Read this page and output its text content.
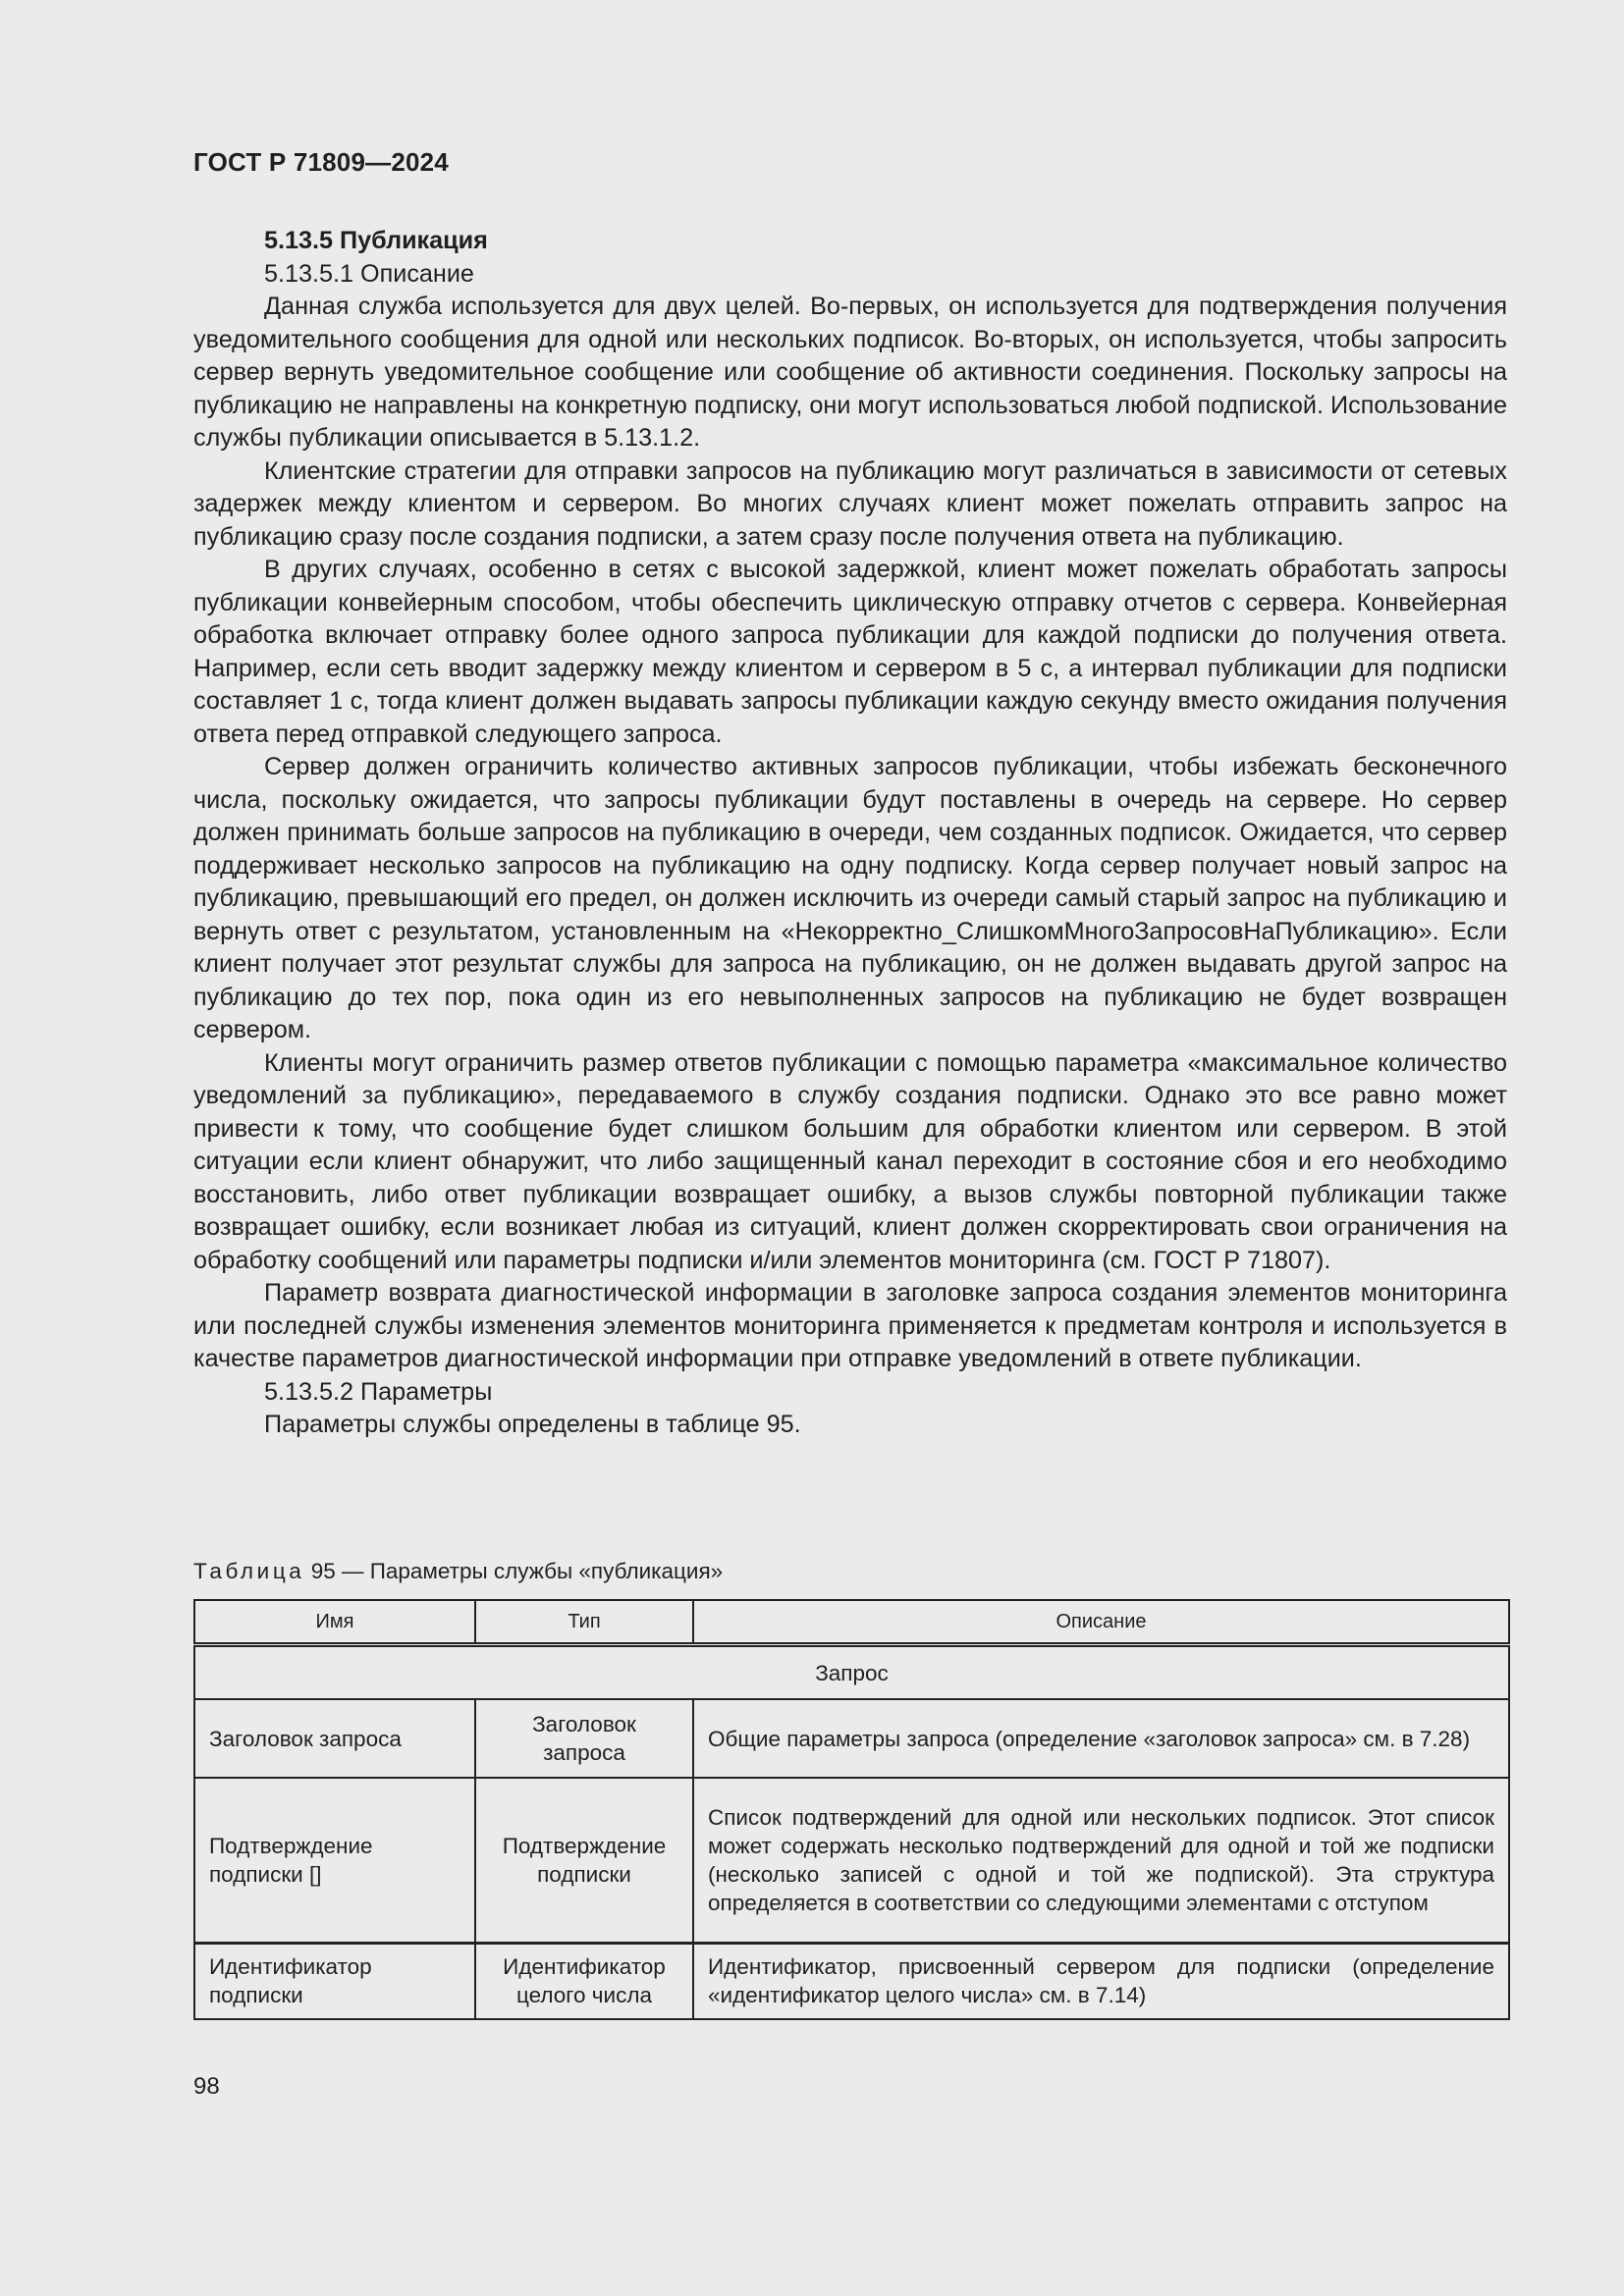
ГОСТ Р 71809—2024

5.13.5 Публикация

5.13.5.1 Описание

Данная служба используется для двух целей. Во-первых, он используется для подтверждения получения уведомительного сообщения для одной или нескольких подписок. Во-вторых, он используется, чтобы запросить сервер вернуть уведомительное сообщение или сообщение об активности соединения. Поскольку запросы на публикацию не направлены на конкретную подписку, они могут использоваться любой подпиской. Использование службы публикации описывается в 5.13.1.2.

Клиентские стратегии для отправки запросов на публикацию могут различаться в зависимости от сетевых задержек между клиентом и сервером. Во многих случаях клиент может пожелать отправить запрос на публикацию сразу после создания подписки, а затем сразу после получения ответа на публикацию.

В других случаях, особенно в сетях с высокой задержкой, клиент может пожелать обработать запросы публикации конвейерным способом, чтобы обеспечить циклическую отправку отчетов с сервера. Конвейерная обработка включает отправку более одного запроса публикации для каждой подписки до получения ответа. Например, если сеть вводит задержку между клиентом и сервером в 5 с, а интервал публикации для подписки составляет 1 с, тогда клиент должен выдавать запросы публикации каждую секунду вместо ожидания получения ответа перед отправкой следующего запроса.

Сервер должен ограничить количество активных запросов публикации, чтобы избежать бесконечного числа, поскольку ожидается, что запросы публикации будут поставлены в очередь на сервере. Но сервер должен принимать больше запросов на публикацию в очереди, чем созданных подписок. Ожидается, что сервер поддерживает несколько запросов на публикацию на одну подписку. Когда сервер получает новый запрос на публикацию, превышающий его предел, он должен исключить из очереди самый старый запрос на публикацию и вернуть ответ с результатом, установленным на «Некорректно_СлишкомМногоЗапросовНаПубликацию». Если клиент получает этот результат службы для запроса на публикацию, он не должен выдавать другой запрос на публикацию до тех пор, пока один из его невыполненных запросов на публикацию не будет возвращен сервером.

Клиенты могут ограничить размер ответов публикации с помощью параметра «максимальное количество уведомлений за публикацию», передаваемого в службу создания подписки. Однако это все равно может привести к тому, что сообщение будет слишком большим для обработки клиентом или сервером. В этой ситуации если клиент обнаружит, что либо защищенный канал переходит в состояние сбоя и его необходимо восстановить, либо ответ публикации возвращает ошибку, а вызов службы повторной публикации также возвращает ошибку, если возникает любая из ситуаций, клиент должен скорректировать свои ограничения на обработку сообщений или параметры подписки и/или элементов мониторинга (см. ГОСТ Р 71807).

Параметр возврата диагностической информации в заголовке запроса создания элементов мониторинга или последней службы изменения элементов мониторинга применяется к предметам контроля и используется в качестве параметров диагностической информации при отправке уведомлений в ответе публикации.

5.13.5.2 Параметры

Параметры службы определены в таблице 95.

Таблица 95 — Параметры службы «публикация»
Имя	Тип	Описание
Запрос		
Заголовок запроса	Заголовок запроса	Общие параметры запроса (определение «заголовок запроса» см. в 7.28)
Подтверждение подписки []	Подтверждение подписки	Список подтверждений для одной или нескольких подписок. Этот список может содержать несколько подтверждений для одной и той же подписки (несколько записей с одной и той же подпиской). Эта структура определяется в соответствии со следующими элементами с отступом
Идентификатор подписки	Идентификатор целого числа	Идентификатор, присвоенный сервером для подписки (определение «идентификатор целого числа» см. в 7.14)
98
